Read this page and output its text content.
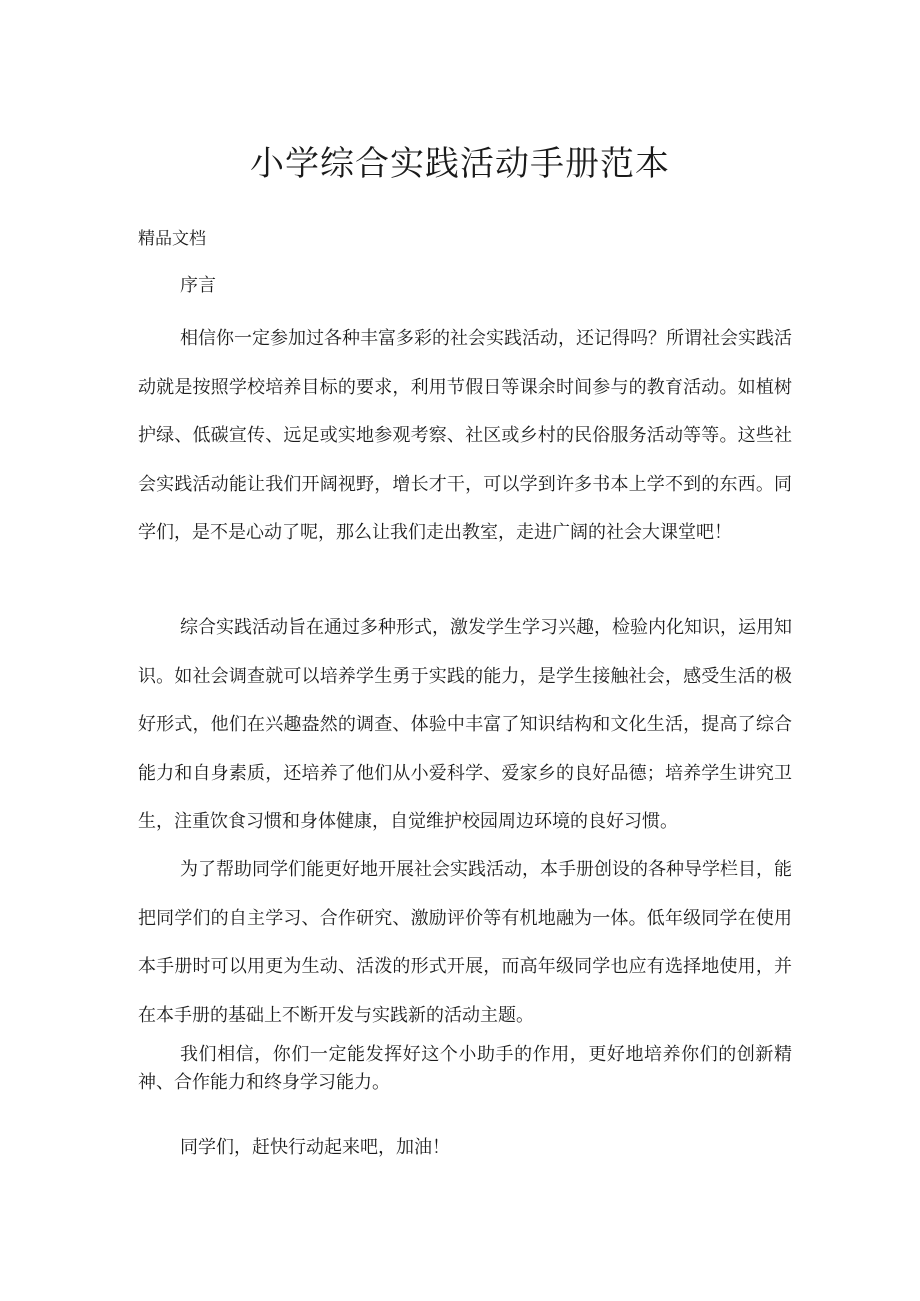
小学综合实践活动手册范本

精品文档

序言

相信你一定参加过各种丰富多彩的社会实践活动，还记得吗？所谓社会实践活动就是按照学校培养目标的要求，利用节假日等课余时间参与的教育活动。如植树护绿、低碳宣传、远足或实地参观考察、社区或乡村的民俗服务活动等等。这些社会实践活动能让我们开阔视野，增长才干，可以学到许多书本上学不到的东西。同学们，是不是心动了呢，那么让我们走出教室，走进广阔的社会大课堂吧！

综合实践活动旨在通过多种形式，激发学生学习兴趣，检验内化知识，运用知识。如社会调查就可以培养学生勇于实践的能力，是学生接触社会，感受生活的极好形式，他们在兴趣盎然的调查、体验中丰富了知识结构和文化生活，提高了综合能力和自身素质，还培养了他们从小爱科学、爱家乡的良好品德；培养学生讲究卫生，注重饮食习惯和身体健康，自觉维护校园周边环境的良好习惯。

为了帮助同学们能更好地开展社会实践活动，本手册创设的各种导学栏目，能把同学们的自主学习、合作研究、激励评价等有机地融为一体。低年级同学在使用本手册时可以用更为生动、活泼的形式开展，而高年级同学也应有选择地使用，并在本手册的基础上不断开发与实践新的活动主题。

我们相信，你们一定能发挥好这个小助手的作用，更好地培养你们的创新精神、合作能力和终身学习能力。

同学们，赶快行动起来吧，加油！
